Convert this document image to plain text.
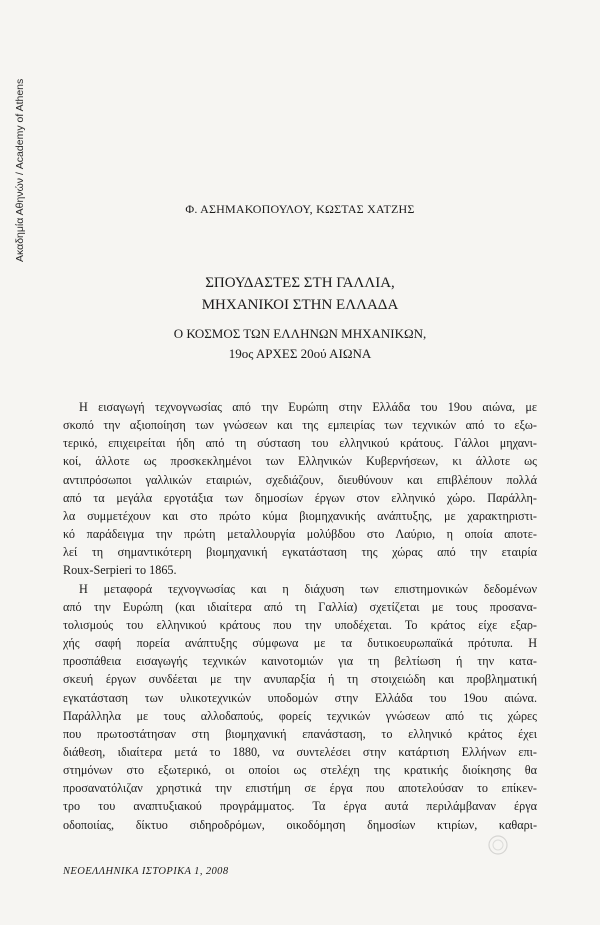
Ακαδημία Αθηνών / Academy of Athens	Φ. ΑΣΗΜΑΚΟΠΟΥΛΟΥ, ΚΩΣΤΑΣ ΧΑΤΖΗΣ
ΣΠΟΥΔΑΣΤΕΣ ΣΤΗ ΓΑΛΛΙΑ,
ΜΗΧΑΝΙΚΟΙ ΣΤΗΝ ΕΛΛΑΔΑ
Ο ΚΟΣΜΟΣ ΤΩΝ ΕΛΛΗΝΩΝ ΜΗΧΑΝΙΚΩΝ,
19ος ΑΡΧΕΣ 20ού ΑΙΩΝΑ
Η εισαγωγή τεχνογνωσίας από την Ευρώπη στην Ελλάδα του 19ου αιώνα, με
σκοπό την αξιοποίηση των γνώσεων και της εμπειρίας των τεχνικών από το εξω-
τερικό, επιχειρείται ήδη από τη σύσταση του ελληνικού κράτους. Γάλλοι μηχανι-
κοί, άλλοτε ως προσκεκλημένοι των Ελληνικών Κυβερνήσεων, κι άλλοτε ως
αντιπρόσωποι γαλλικών εταιριών, σχεδιάζουν, διευθύνουν και επιβλέπουν πολλά
από τα μεγάλα εργοτάξια των δημοσίων έργων στον ελληνικό χώρο. Παράλλη-
λα συμμετέχουν και στο πρώτο κύμα βιομηχανικής ανάπτυξης, με χαρακτηριστι-
κό παράδειγμα την πρώτη μεταλλουργία μολύβδου στο Λαύριο, η οποία αποτε-
λεί τη σημαντικότερη βιομηχανική εγκατάσταση της χώρας από την εταιρία
Roux-Serpieri το 1865.
Η μεταφορά τεχνογνωσίας και η διάχυση των επιστημονικών δεδομένων
από την Ευρώπη (και ιδιαίτερα από τη Γαλλία) σχετίζεται με τους προσανα-
τολισμούς του ελληνικού κράτους που την υποδέχεται. Το κράτος είχε εξαρ-
χής σαφή πορεία ανάπτυξης σύμφωνα με τα δυτικοευρωπαϊκά πρότυπα. Η
προσπάθεια εισαγωγής τεχνικών καινοτομιών για τη βελτίωση ή την κατα-
σκευή έργων συνδέεται με την ανυπαρξία ή τη στοιχειώδη και προβληματική
εγκατάσταση των υλικοτεχνικών υποδομών στην Ελλάδα του 19ου αιώνα.
Παράλληλα με τους αλλοδαπούς, φορείς τεχνικών γνώσεων από τις χώρες
που πρωτοστάτησαν στη βιομηχανική επανάσταση, το ελληνικό κράτος έχει
διάθεση, ιδιαίτερα μετά το 1880, να συντελέσει στην κατάρτιση Ελλήνων επι-
στημόνων στο εξωτερικό, οι οποίοι ως στελέχη της κρατικής διοίκησης θα
προσανατόλιζαν χρηστικά την επιστήμη σε έργα που αποτελούσαν το επίκεν-
τρο του αναπτυξιακού προγράμματος. Τα έργα αυτά περιλάμβαναν έργα
οδοποιίας, δίκτυο σιδηροδρόμων, οικοδόμηση δημοσίων κτιρίων, καθαρι-
ΝΕΟΕΛΛΗΝΙΚΑ ΙΣΤΟΡΙΚΑ 1, 2008
